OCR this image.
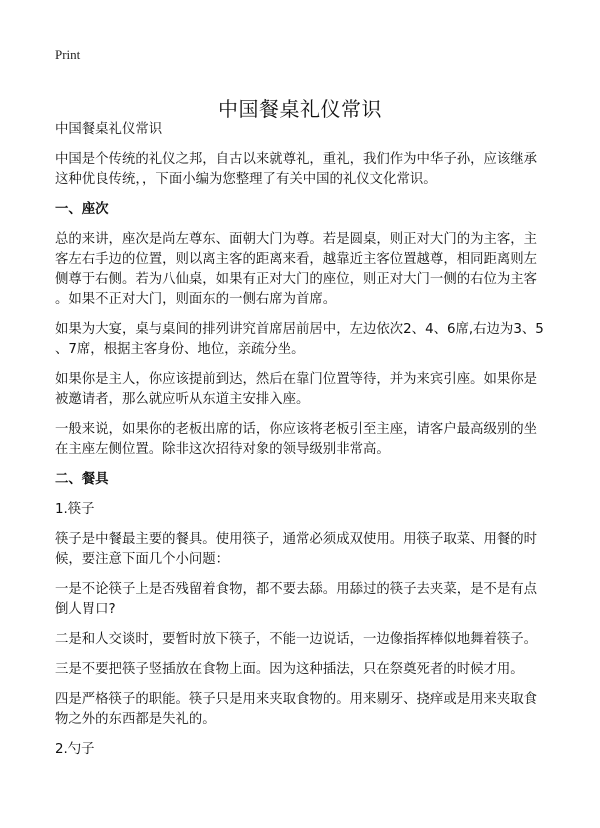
Print
中国餐桌礼仪常识
中国餐桌礼仪常识
中国是个传统的礼仪之邦，自古以来就尊礼，重礼，我们作为中华子孙，应该继承
这种优良传统，，下面小编为您整理了有关中国的礼仪文化常识。
一、座次
总的来讲，座次是尚左尊东、面朝大门为尊。若是圆桌，则正对大门的为主客，主
客左右手边的位置，则以离主客的距离来看，越靠近主客位置越尊，相同距离则左
侧尊于右侧。若为八仙桌，如果有正对大门的座位，则正对大门一侧的右位为主客
。如果不正对大门，则面东的一侧右席为首席。
如果为大宴，桌与桌间的排列讲究首席居前居中，左边依次2、4、6席,右边为3、5
、7席，根据主客身份、地位，亲疏分坐。
如果你是主人，你应该提前到达，然后在靠门位置等待，并为来宾引座。如果你是
被邀请者，那么就应听从东道主安排入座。
一般来说，如果你的老板出席的话，你应该将老板引至主座，请客户最高级别的坐
在主座左侧位置。除非这次招待对象的领导级别非常高。
二、餐具
1.筷子
筷子是中餐最主要的餐具。使用筷子，通常必须成双使用。用筷子取菜、用餐的时
候，要注意下面几个小问题：
一是不论筷子上是否残留着食物，都不要去舔。用舔过的筷子去夹菜，是不是有点
倒人胃口?
二是和人交谈时，要暂时放下筷子，不能一边说话，一边像指挥棒似地舞着筷子。
三是不要把筷子竖插放在食物上面。因为这种插法，只在祭奠死者的时候才用。
四是严格筷子的职能。筷子只是用来夹取食物的。用来剔牙、挠痒或是用来夹取食
物之外的东西都是失礼的。
2.勺子
